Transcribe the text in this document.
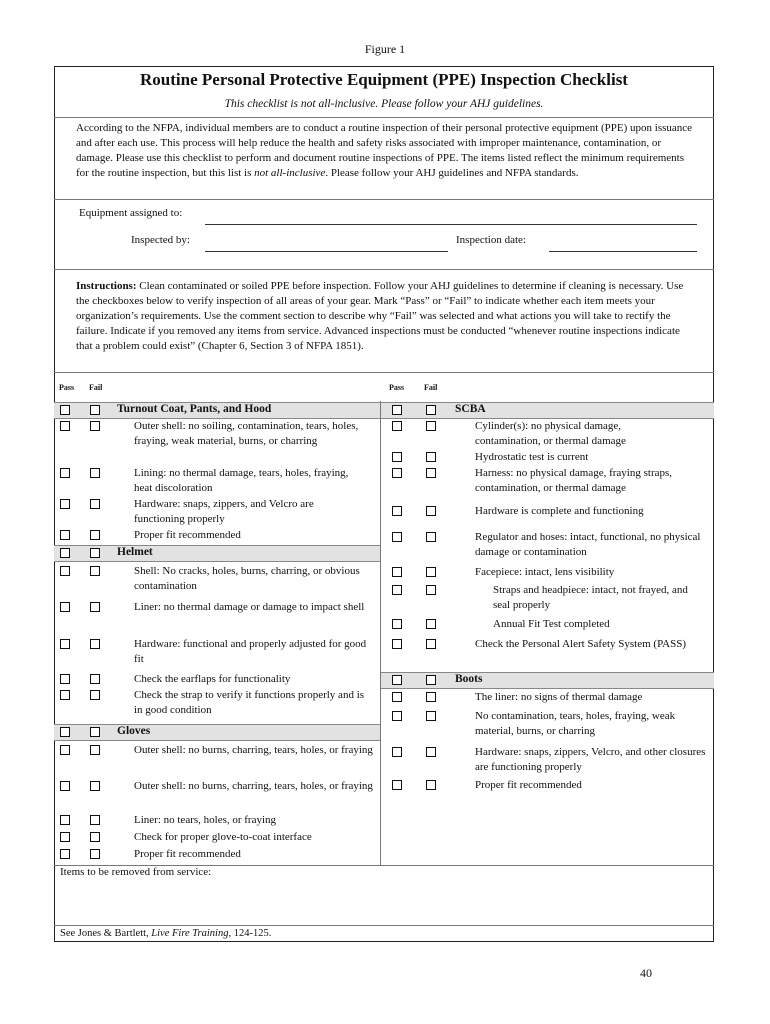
Figure 1
Routine Personal Protective Equipment (PPE) Inspection Checklist
This checklist is not all-inclusive. Please follow your AHJ guidelines.
According to the NFPA, individual members are to conduct a routine inspection of their personal protective equipment (PPE) upon issuance and after each use. This process will help reduce the health and safety risks associated with improper maintenance, contamination, or damage. Please use this checklist to perform and document routine inspections of PPE. The items listed reflect the minimum requirements for the routine inspection, but this list is not all-inclusive. Please follow your AHJ guidelines and NFPA standards.
Equipment assigned to:
Inspected by:	Inspection date:
Instructions: Clean contaminated or soiled PPE before inspection. Follow your AHJ guidelines to determine if cleaning is necessary. Use the checkboxes below to verify inspection of all areas of your gear. Mark “Pass” or “Fail” to indicate whether each item meets your organization’s requirements. Use the comment section to describe why “Fail” was selected and what actions you will take to rectify the failure. Indicate if you removed any items from service. Advanced inspections must be conducted “whenever routine inspections indicate that a problem could exist” (Chapter 6, Section 3 of NFPA 1851).
Pass Fail	Pass Fail
Turnout Coat, Pants, and Hood
Outer shell: no soiling, contamination, tears, holes, fraying, weak material, burns, or charring
Lining: no thermal damage, tears, holes, fraying, heat discoloration
Hardware: snaps, zippers, and Velcro are functioning properly
Proper fit recommended
Helmet
Shell: No cracks, holes, burns, charring, or obvious contamination
Liner: no thermal damage or damage to impact shell
Hardware: functional and properly adjusted for good fit
Check the earflaps for functionality
Check the strap to verify it functions properly and is in good condition
Gloves
Outer shell: no burns, charring, tears, holes, or fraying
Outer shell: no burns, charring, tears, holes, or fraying
Liner: no tears, holes, or fraying
Check for proper glove-to-coat interface
Proper fit recommended
SCBA
Cylinder(s): no physical damage, contamination, or thermal damage
Hydrostatic test is current
Harness: no physical damage, fraying straps, contamination, or thermal damage
Hardware is complete and functioning
Regulator and hoses: intact, functional, no physical damage or contamination
Facepiece: intact, lens visibility
Straps and headpiece: intact, not frayed, and seal properly
Annual Fit Test completed
Check the Personal Alert Safety System (PASS)
Boots
The liner: no signs of thermal damage
No contamination, tears, holes, fraying, weak material, burns, or charring
Hardware: snaps, zippers, Velcro, and other closures are functioning properly
Proper fit recommended
Items to be removed from service:
See Jones & Bartlett, Live Fire Training, 124-125.
40
